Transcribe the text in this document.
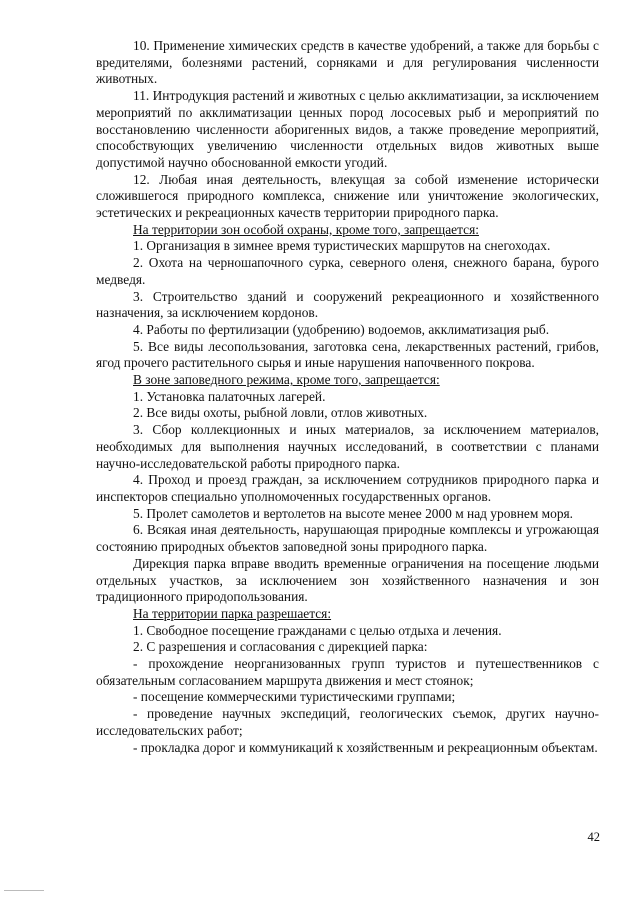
10. Применение химических средств в качестве удобрений, а также для борьбы с вредителями, болезнями растений, сорняками и для регулирования численности животных.

11. Интродукция растений и животных с целью акклиматизации, за исключением мероприятий по акклиматизации ценных пород лососевых рыб и мероприятий по восстановлению численности аборигенных видов, а также проведение мероприятий, способствующих увеличению численности отдельных видов животных выше допустимой научно обоснованной емкости угодий.

12. Любая иная деятельность, влекущая за собой изменение исторически сложившегося природного комплекса, снижение или уничтожение экологических, эстетических и рекреационных качеств территории природного парка.

На территории зон особой охраны, кроме того, запрещается:

1. Организация в зимнее время туристических маршрутов на снегоходах.

2. Охота на черношапочного сурка, северного оленя, снежного барана, бурого медведя.

3. Строительство зданий и сооружений рекреационного и хозяйственного назначения, за исключением кордонов.

4. Работы по фертилизации (удобрению) водоемов, акклиматизация рыб.

5. Все виды лесопользования, заготовка сена, лекарственных растений, грибов, ягод прочего растительного сырья и иные нарушения напочвенного покрова.

В зоне заповедного режима, кроме того, запрещается:

1. Установка палаточных лагерей.

2. Все виды охоты, рыбной ловли, отлов животных.

3. Сбор коллекционных и иных материалов, за исключением материалов, необходимых для выполнения научных исследований, в соответствии с планами научно-исследовательской работы природного парка.

4. Проход и проезд граждан, за исключением сотрудников природного парка и инспекторов специально уполномоченных государственных органов.

5. Пролет самолетов и вертолетов на высоте менее 2000 м над уровнем моря.

6. Всякая иная деятельность, нарушающая природные комплексы и угрожающая состоянию природных объектов заповедной зоны природного парка.

Дирекция парка вправе вводить временные ограничения на посещение людьми отдельных участков, за исключением зон хозяйственного назначения и зон традиционного природопользования.

На территории парка разрешается:

1. Свободное посещение гражданами с целью отдыха и лечения.

2. С разрешения и согласования с дирекцией парка:

- прохождение неорганизованных групп туристов и путешественников с обязательным согласованием маршрута движения и мест стоянок;

- посещение коммерческими туристическими группами;

- проведение научных экспедиций, геологических съемок, других научно-исследовательских работ;

- прокладка дорог и коммуникаций к хозяйственным и рекреационным объектам.

42
